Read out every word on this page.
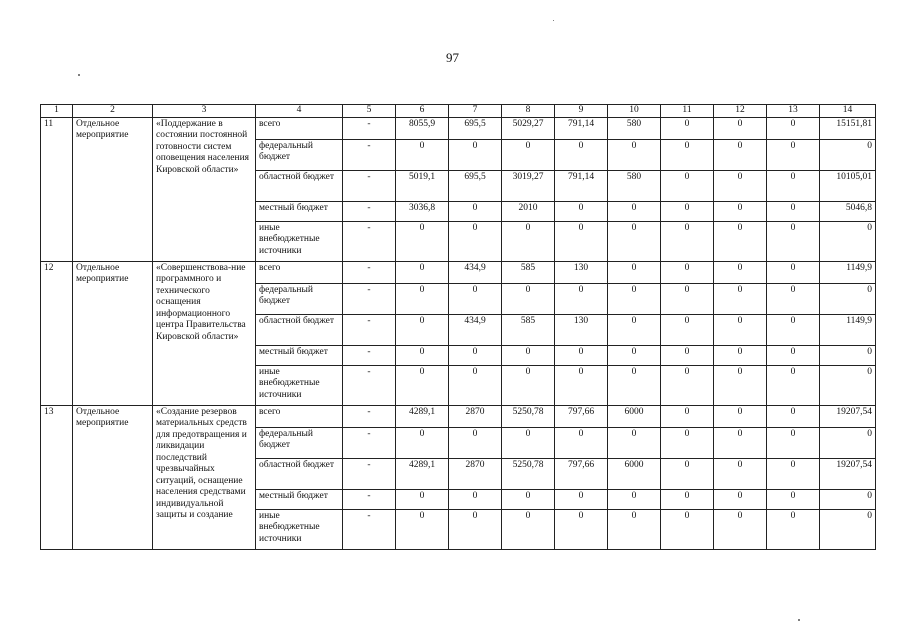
97
1	2	3	4	5	6	7	8	9	10	11	12	13	14
11	Отдельное мероприятие	«Поддержание в состоянии постоянной готовности систем оповещения населения Кировской области»	всего	-	8055,9	695,5	5029,27	791,14	580	0	0	0	15151,81
			федеральный бюджет	-	0	0	0	0	0	0	0	0	0
			областной бюджет	-	5019,1	695,5	3019,27	791,14	580	0	0	0	10105,01
			местный бюджет	-	3036,8	0	2010	0	0	0	0	0	5046,8
			иные внебюджетные источники	-	0	0	0	0	0	0	0	0	0
12	Отдельное мероприятие	«Совершенствова-ние программного и технического оснащения информационного центра Правительства Кировской области»	всего	-	0	434,9	585	130	0	0	0	0	1149,9
			федеральный бюджет	-	0	0	0	0	0	0	0	0	0
			областной бюджет	-	0	434,9	585	130	0	0	0	0	1149,9
			местный бюджет	-	0	0	0	0	0	0	0	0	0
			иные внебюджетные источники	-	0	0	0	0	0	0	0	0	0
13	Отдельное мероприятие	«Создание резервов материальных средств для предотвращения и ликвидации последствий чрезвычайных ситуаций, оснащение населения средствами индивидуальной защиты и создание	всего	-	4289,1	2870	5250,78	797,66	6000	0	0	0	19207,54
			федеральный бюджет	-	0	0	0	0	0	0	0	0	0
			областной бюджет	-	4289,1	2870	5250,78	797,66	6000	0	0	0	19207,54
			местный бюджет	-	0	0	0	0	0	0	0	0	0
			иные внебюджетные источники	-	0	0	0	0	0	0	0	0	0
